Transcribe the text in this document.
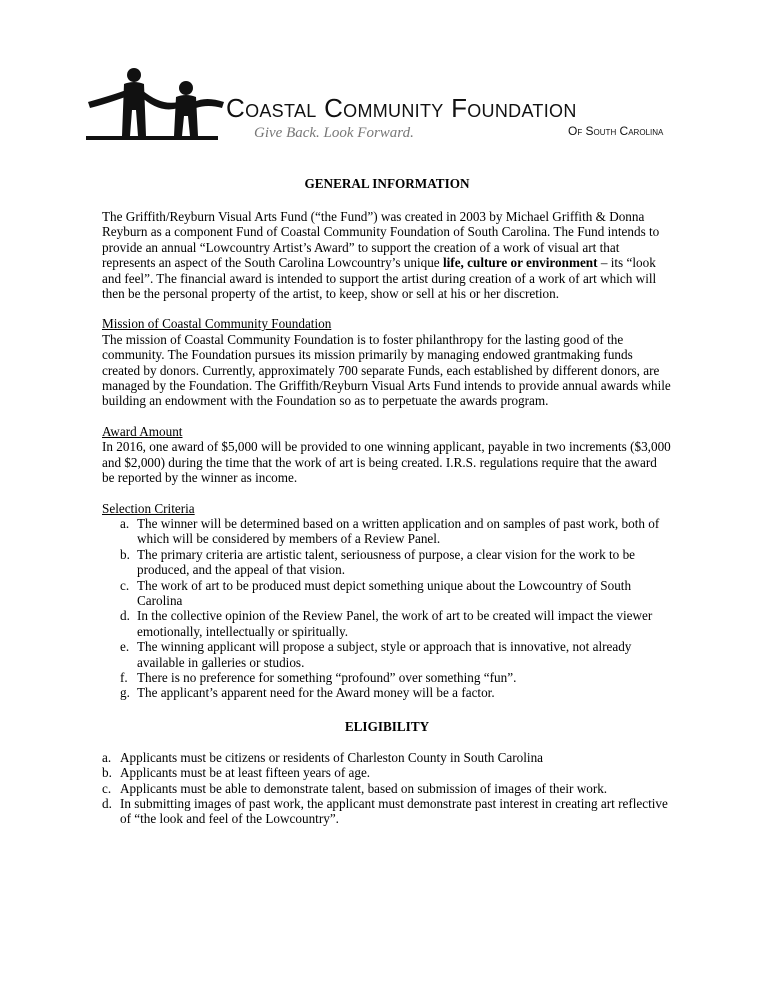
Coastal Community Foundation
Give Back. Look Forward.	Of South Carolina
GENERAL INFORMATION

The Griffith/Reyburn Visual Arts Fund (“the Fund”) was created in 2003 by Michael Griffith & Donna Reyburn as a component Fund of Coastal Community Foundation of South Carolina. The Fund intends to provide an annual “Lowcountry Artist’s Award” to support the creation of a work of visual art that represents an aspect of the South Carolina Lowcountry’s unique life, culture or environment – its “look and feel”. The financial award is intended to support the artist during creation of a work of art which will then be the personal property of the artist, to keep, show or sell at his or her discretion.

Mission of Coastal Community Foundation

The mission of Coastal Community Foundation is to foster philanthropy for the lasting good of the community. The Foundation pursues its mission primarily by managing endowed grantmaking funds created by donors. Currently, approximately 700 separate Funds, each established by different donors, are managed by the Foundation. The Griffith/Reyburn Visual Arts Fund intends to provide annual awards while building an endowment with the Foundation so as to perpetuate the awards program.

Award Amount

In 2016, one award of $5,000 will be provided to one winning applicant, payable in two increments ($3,000 and $2,000) during the time that the work of art is being created. I.R.S. regulations require that the award be reported by the winner as income.

Selection Criteria

a. The winner will be determined based on a written application and on samples of past work, both of which will be considered by members of a Review Panel.
b. The primary criteria are artistic talent, seriousness of purpose, a clear vision for the work to be produced, and the appeal of that vision.
c. The work of art to be produced must depict something unique about the Lowcountry of South Carolina
d. In the collective opinion of the Review Panel, the work of art to be created will impact the viewer emotionally, intellectually or spiritually.
e. The winning applicant will propose a subject, style or approach that is innovative, not already available in galleries or studios.
f. There is no preference for something “profound” over something “fun”.
g. The applicant’s apparent need for the Award money will be a factor.
ELIGIBILITY
a. Applicants must be citizens or residents of Charleston County in South Carolina
b. Applicants must be at least fifteen years of age.
c. Applicants must be able to demonstrate talent, based on submission of images of their work.
d. In submitting images of past work, the applicant must demonstrate past interest in creating art reflective of “the look and feel of the Lowcountry”.
